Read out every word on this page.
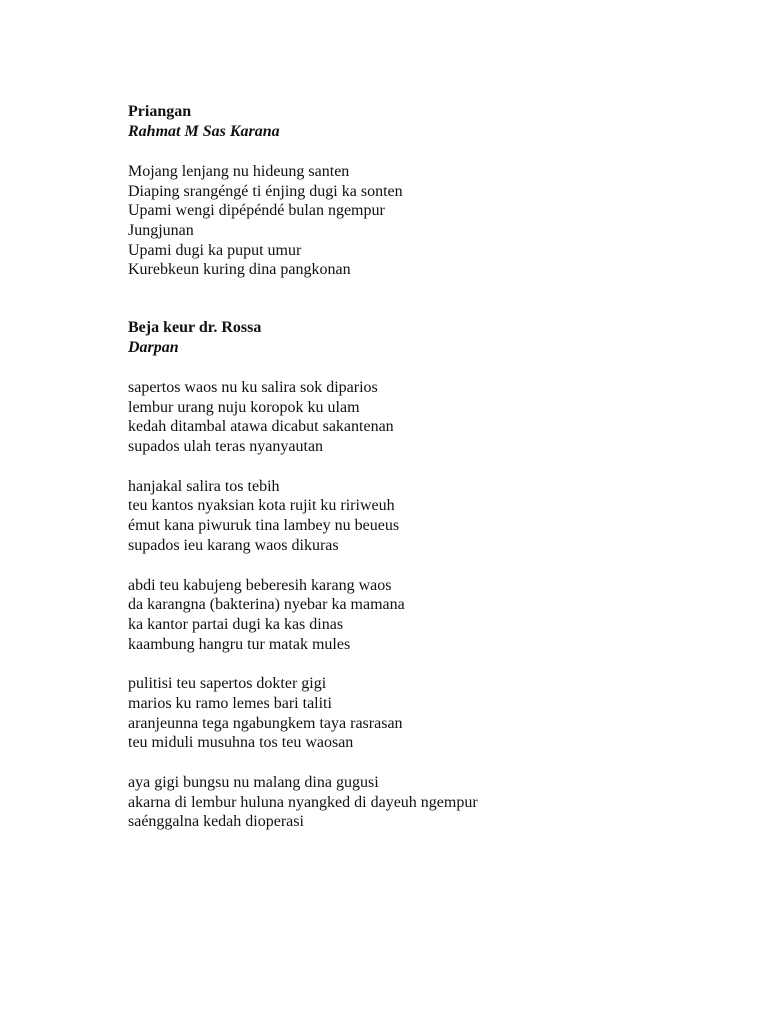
Priangan
Rahmat M Sas Karana
Mojang lenjang nu hideung santen
Diaping srangéngé ti énjing dugi ka sonten
Upami wengi dipépéndé bulan ngempur
Jungjunan
Upami dugi ka puput umur
Kurebkeun kuring dina pangkonan
Beja keur dr. Rossa
Darpan
sapertos waos nu ku salira sok diparios
lembur urang nuju koropok ku ulam
kedah ditambal atawa dicabut sakantenan
supados ulah teras nyanyautan
hanjakal salira tos tebih
teu kantos nyaksian kota rujit ku ririweuh
émut kana piwuruk tina lambey nu beueus
supados ieu karang waos dikuras
abdi teu kabujeng beberesih karang waos
da karangna (bakterina) nyebar ka mamana
ka kantor partai dugi ka kas dinas
kaambung hangru tur matak mules
pulitisi teu sapertos dokter gigi
marios ku ramo lemes bari taliti
aranjeunna tega ngabungkem taya rasrasan
teu miduli musuhna tos teu waosan
aya gigi bungsu nu malang dina gugusi
akarna di lembur huluna nyangked di dayeuh ngempur
saénggalna kedah dioperasi
